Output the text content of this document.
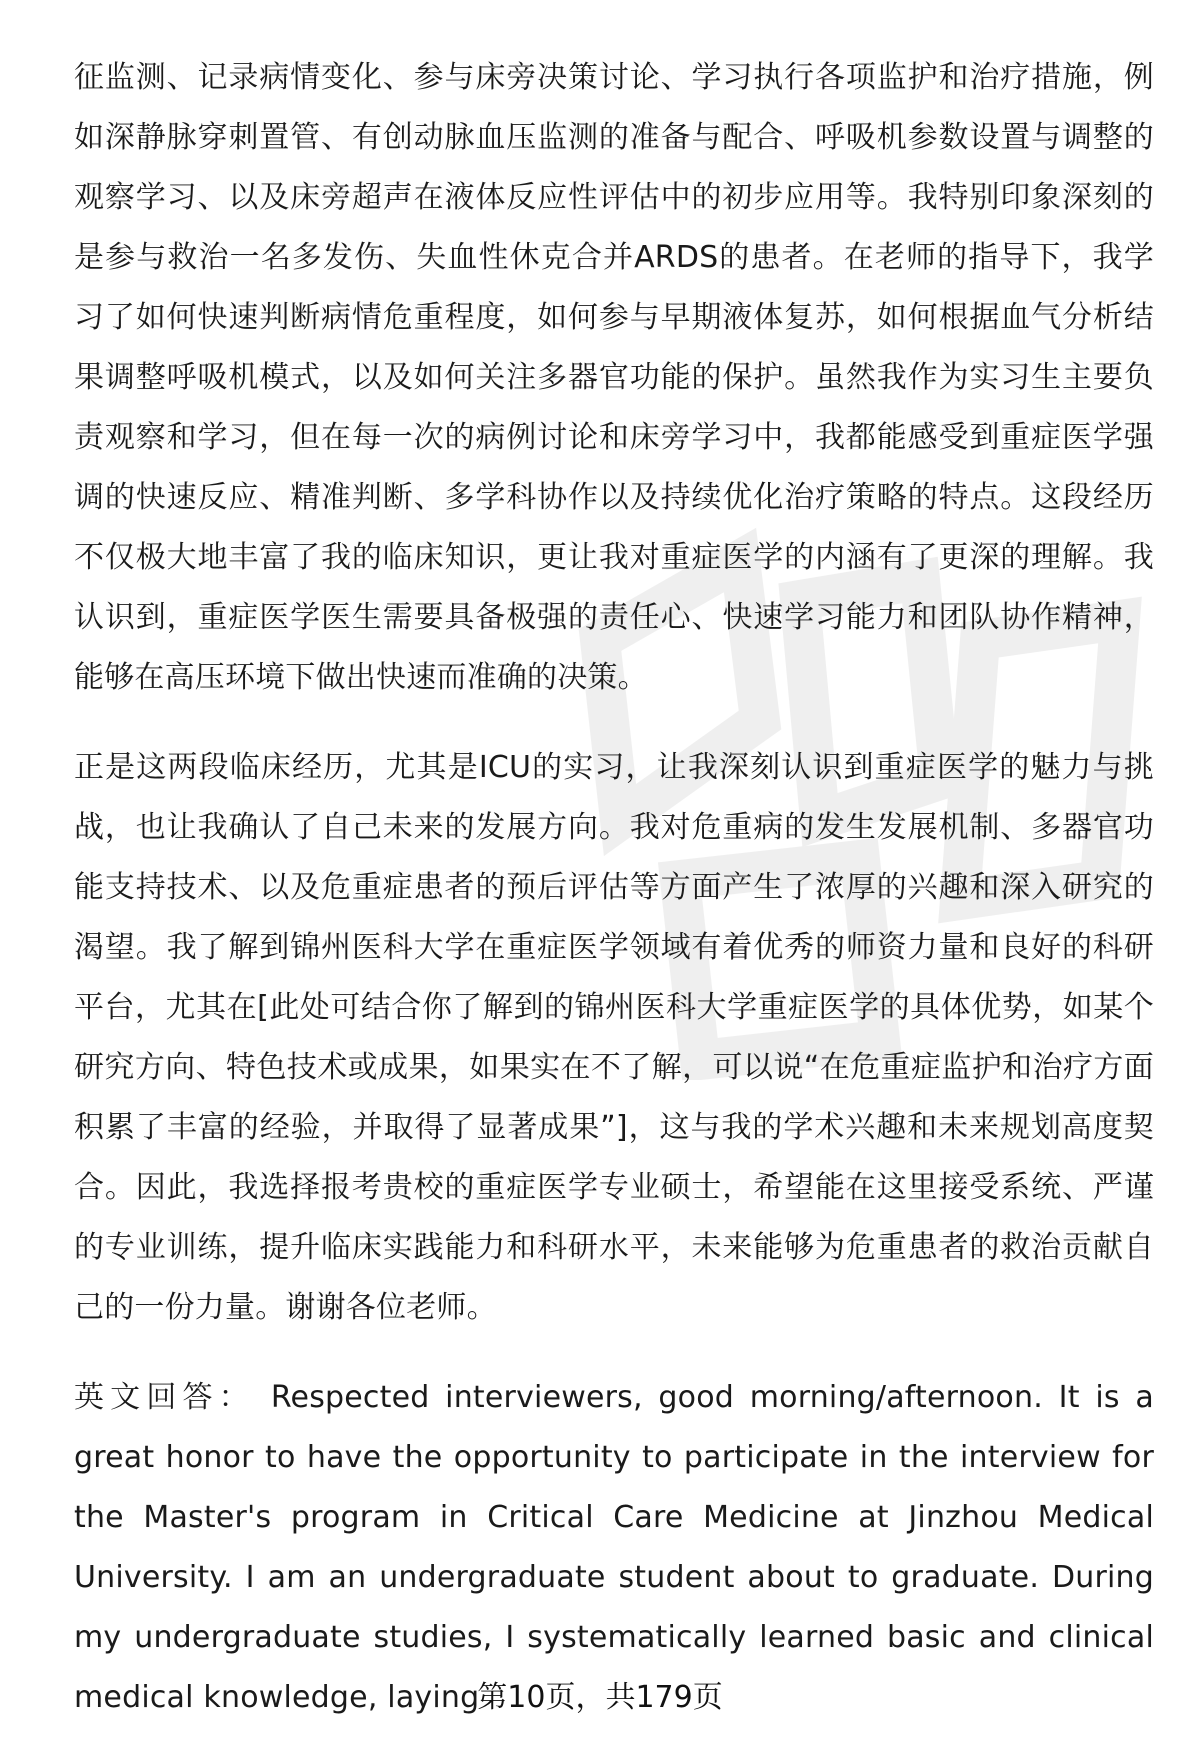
征监测、记录病情变化、参与床旁决策讨论、学习执行各项监护和治疗措施，例如深静脉穿刺置管、有创动脉血压监测的准备与配合、呼吸机参数设置与调整的观察学习、以及床旁超声在液体反应性评估中的初步应用等。我特别印象深刻的是参与救治一名多发伤、失血性休克合并ARDS的患者。在老师的指导下，我学习了如何快速判断病情危重程度，如何参与早期液体复苏，如何根据血气分析结果调整呼吸机模式，以及如何关注多器官功能的保护。虽然我作为实习生主要负责观察和学习，但在每一次的病例讨论和床旁学习中，我都能感受到重症医学强调的快速反应、精准判断、多学科协作以及持续优化治疗策略的特点。这段经历不仅极大地丰富了我的临床知识，更让我对重症医学的内涵有了更深的理解。我认识到，重症医学医生需要具备极强的责任心、快速学习能力和团队协作精神，能够在高压环境下做出快速而准确的决策。

正是这两段临床经历，尤其是ICU的实习，让我深刻认识到重症医学的魅力与挑战，也让我确认了自己未来的发展方向。我对危重病的发生发展机制、多器官功能支持技术、以及危重症患者的预后评估等方面产生了浓厚的兴趣和深入研究的渴望。我了解到锦州医科大学在重症医学领域有着优秀的师资力量和良好的科研平台，尤其在[此处可结合你了解到的锦州医科大学重症医学的具体优势，如某个研究方向、特色技术或成果，如果实在不了解，可以说“在危重症监护和治疗方面积累了丰富的经验，并取得了显著成果”]，这与我的学术兴趣和未来规划高度契合。因此，我选择报考贵校的重症医学专业硕士，希望能在这里接受系统、严谨的专业训练，提升临床实践能力和科研水平，未来能够为危重患者的救治贡献自己的一份力量。谢谢各位老师。

英文回答： Respected interviewers, good morning/afternoon. It is a great honor to have the opportunity to participate in the interview for the Master's program in Critical Care Medicine at Jinzhou Medical University. I am an undergraduate student about to graduate. During my undergraduate studies, I systematically learned basic and clinical medical knowledge, laying

第10页，共179页
